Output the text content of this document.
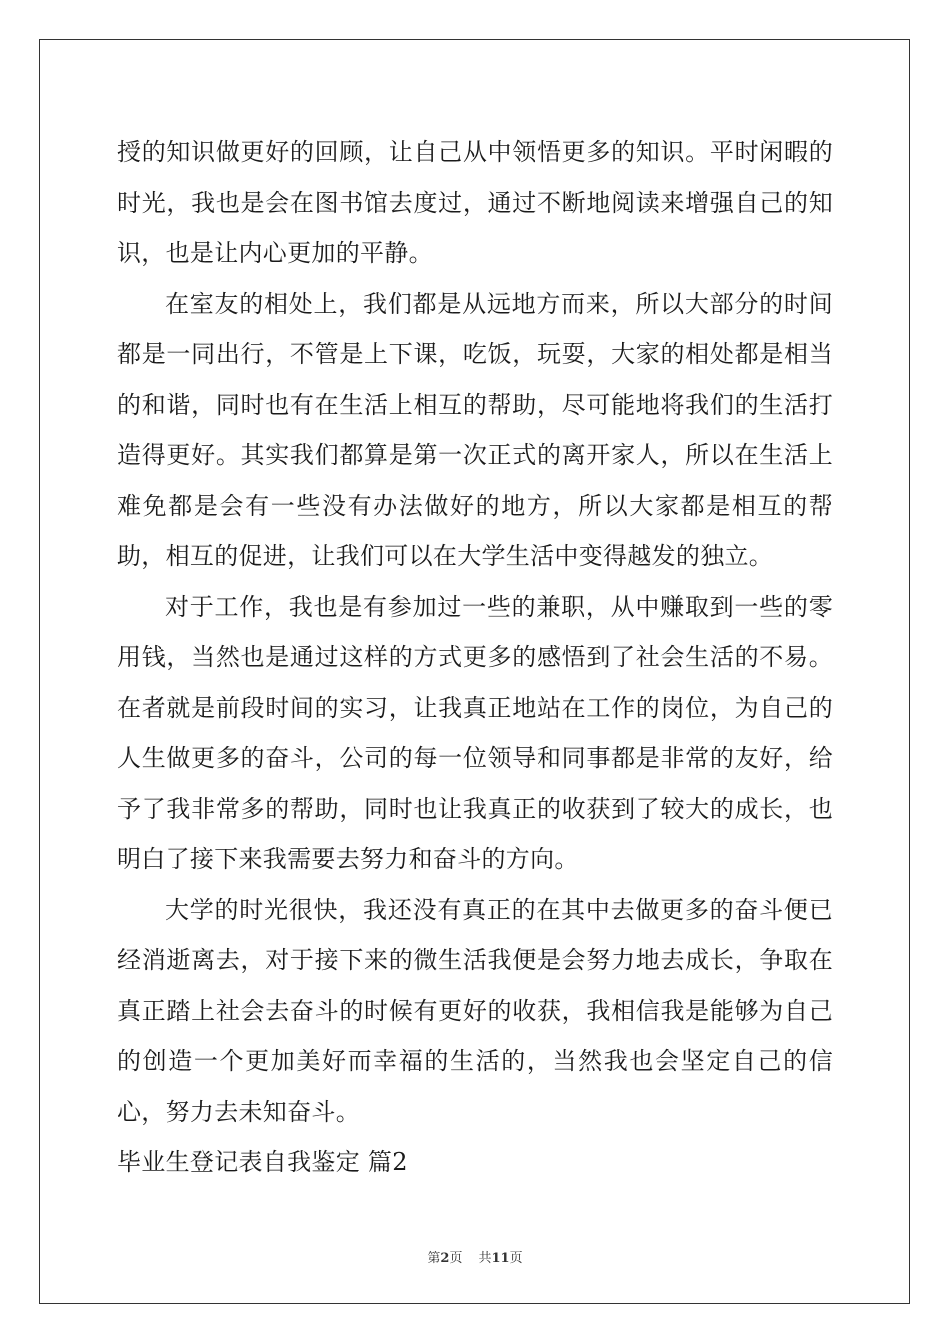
授的知识做更好的回顾，让自己从中领悟更多的知识。平时闲暇的时光，我也是会在图书馆去度过，通过不断地阅读来增强自己的知识，也是让内心更加的平静。

在室友的相处上，我们都是从远地方而来，所以大部分的时间都是一同出行，不管是上下课，吃饭，玩耍，大家的相处都是相当的和谐，同时也有在生活上相互的帮助，尽可能地将我们的生活打造得更好。其实我们都算是第一次正式的离开家人，所以在生活上难免都是会有一些没有办法做好的地方，所以大家都是相互的帮助，相互的促进，让我们可以在大学生活中变得越发的独立。

对于工作，我也是有参加过一些的兼职，从中赚取到一些的零用钱，当然也是通过这样的方式更多的感悟到了社会生活的不易。在者就是前段时间的实习，让我真正地站在工作的岗位，为自己的人生做更多的奋斗，公司的每一位领导和同事都是非常的友好，给予了我非常多的帮助，同时也让我真正的收获到了较大的成长，也明白了接下来我需要去努力和奋斗的方向。

大学的时光很快，我还没有真正的在其中去做更多的奋斗便已经消逝离去，对于接下来的微生活我便是会努力地去成长，争取在真正踏上社会去奋斗的时候有更好的收获，我相信我是能够为自己的创造一个更加美好而幸福的生活的，当然我也会坚定自己的信心，努力去未知奋斗。

毕业生登记表自我鉴定 篇2
第2页 共11页
